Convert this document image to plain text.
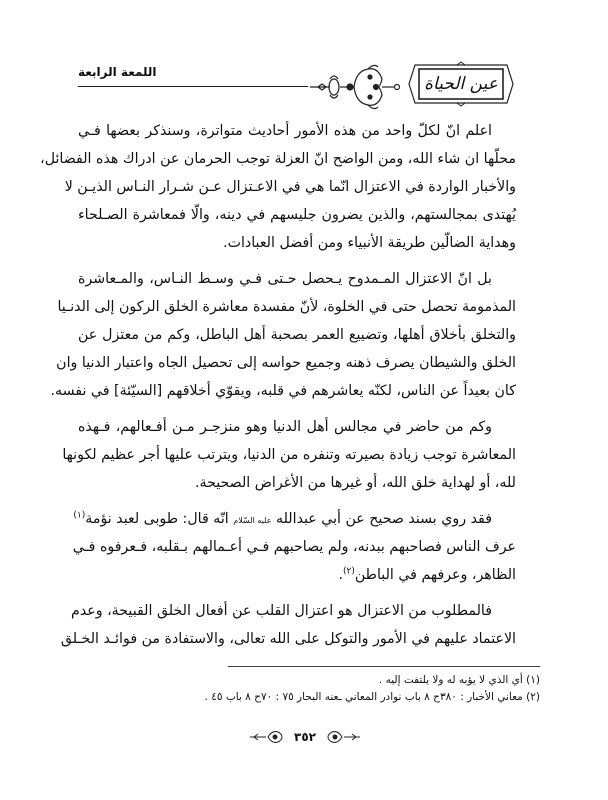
اللمعة الرابعة
عين الحياة
اعلم انّ لكلّ واحد من هذه الأمور أحاديث متواترة، وسنذكر بعضها فـي
محلّها ان شاء الله، ومن الواضح انّ العزلة توجب الحرمان عن ادراك هذه الفضائل،
والأخبار الواردة في الاعتزال انّما هي في الاعـتزال عـن شـرار النـاس الذيـن لا
يُهتدى بمجالستهم، والذين يضرون جليسهم في دينه، والّا فمعاشرة الصـلحاء
وهداية الضالّين طريقة الأنبياء ومن أفضل العبادات.
بل انّ الاعتزال المـمدوح يـحصل حـتى فـي وسـط النـاس، والمـعاشرة
المذمومة تحصل حتى في الخلوة، لأنّ مفسدة معاشرة الخلق الركون إلى الدنـيا
والتخلق بأخلاق أهلها، وتضييع العمر بصحبة أهل الباطل، وكم من معتزل عن
الخلق والشيطان يصرف ذهنه وجميع حواسه إلى تحصيل الجاه واعتبار الدنيا وان
كان بعيداً عن الناس، لكنّه يعاشرهم في قلبه، ويقوّي أخلاقهم [السيّئة] في نفسه.
وكم من حاضر في مجالس أهل الدنيا وهو منزجـر مـن أفـعالهم، فـهذه
المعاشرة توجب زيادة بصيرته وتنفره من الدنيا، ويترتب عليها أجر عظيم لكونها
لله، أو لهداية خلق الله، أو غيرها من الأغراض الصحيحة.
فقد روي بسند صحيح عن أبي عبدالله عليه السّلام انّه قال: طوبى لعبد نؤمة$^{(١)}$
عرف الناس فصاحبهم ببدنه، ولم يصاحبهم فـي أعـمالهم بـقلبه، فـعرفوه فـي
الظاهر، وعرفهم في الباطن$^{(٢)}$.
فالمطلوب من الاعتزال هو اعتزال القلب عن أفعال الخلق القبيحة، وعدم
الاعتماد عليهم في الأمور والتوكل على الله تعالى، والاستفادة من فوائـد الخـلق
(١) أي الذي لا يؤبه له ولا يلتفت إليه .
(٢) معاني الأخبار : ٣٨٠ح ٨ باب نوادر المعاني ـعنه البحار ٧٥ : ٧٠ح ٨ باب ٤٥ .
٣٥٢
